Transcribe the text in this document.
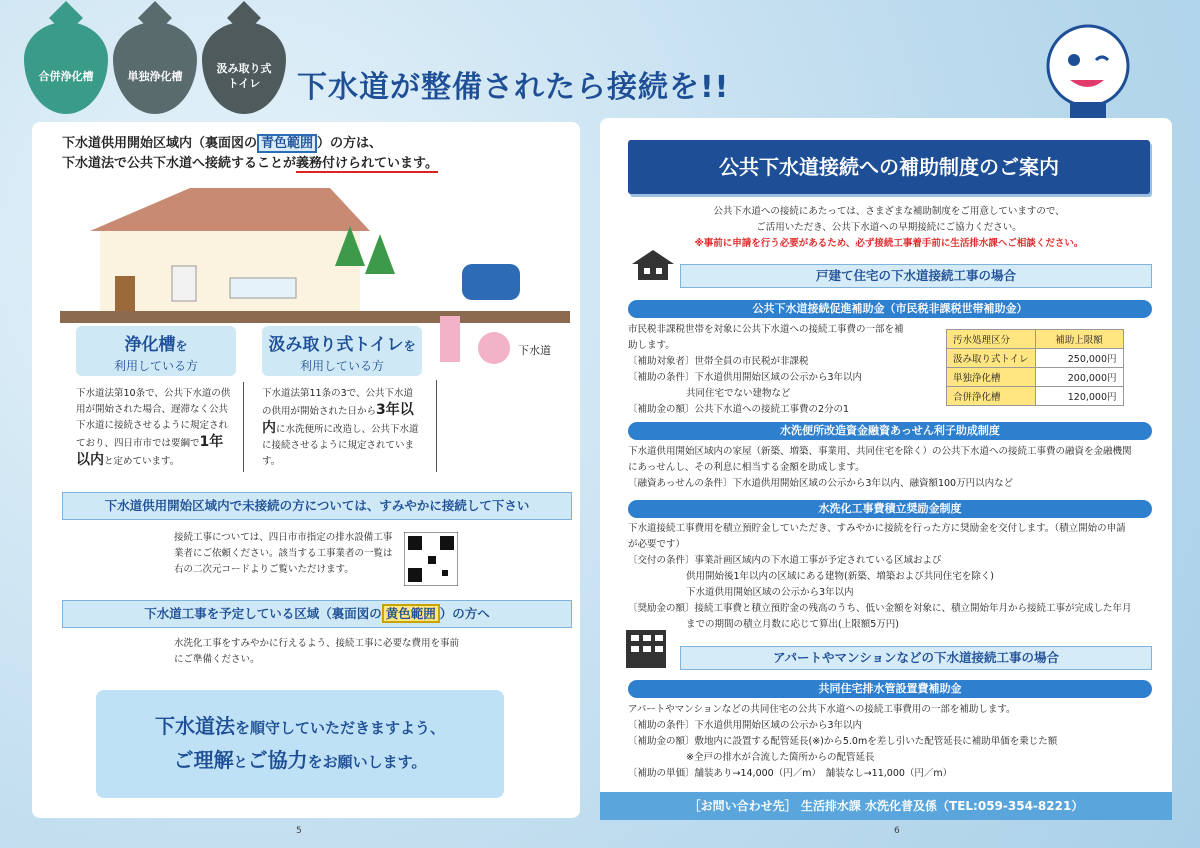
合併浄化槽	単独浄化槽
汲み取り式
トイレ	下水道が整備されたら接続を!!
下水道供用開始区域内（裏面図の 青色範囲 ）の方は、
下水道法で公共下水道へ接続することが義務付けられています。
下水道
浄化槽を
利用している方
汲み取り式トイレを
利用している方
下水道法第10条で、公共下水道の供用が開始された場合、遅滞なく公共下水道に接続させるように規定されており、四日市市では要綱で1年以内と定めています。
下水道法第11条の3で、公共下水道の供用が開始された日から3年以内に水洗便所に改造し、公共下水道に接続させるように規定されています。
下水道供用開始区域内で未接続の方については、すみやかに接続して下さい
接続工事については、四日市市指定の排水設備工事業者にご依頼ください。該当する工事業者の一覧は右の二次元コードよりご覧いただけます。
下水道工事を予定している区域（裏面図の 黄色範囲 ）の方へ
水洗化工事をすみやかに行えるよう、接続工事に必要な費用を事前にご準備ください。
下水道法を順守していただきますよう、
ご理解とご協力をお願いします。
5
公共下水道接続への補助制度のご案内
公共下水道への接続にあたっては、さまざまな補助制度をご用意していますので、
ご活用いただき、公共下水道への早期接続にご協力ください。
※事前に申請を行う必要があるため、必ず接続工事着手前に生活排水課へご相談ください。
戸建て住宅の下水道接続工事の場合
公共下水道接続促進補助金（市民税非課税世帯補助金）
市民税非課税世帯を対象に公共下水道への接続工事費の一部を補
助します。
〔補助対象者〕世帯全員の市民税が非課税
〔補助の条件〕下水道供用開始区域の公示から3年以内
共同住宅でない建物など
〔補助金の額〕公共下水道への接続工事費の2分の1
汚水処理区分	補助上限額
汲み取り式トイレ	250,000円
単独浄化槽	200,000円
合併浄化槽	120,000円
水洗便所改造資金融資あっせん利子助成制度
下水道供用開始区域内の家屋（新築、増築、事業用、共同住宅を除く）の公共下水道への接続工事費の融資を金融機関
にあっせんし、その利息に相当する金額を助成します。
〔融資あっせんの条件〕下水道供用開始区域の公示から3年以内、融資額100万円以内など
水洗化工事費積立奨励金制度
下水道接続工事費用を積立預貯金していただき、すみやかに接続を行った方に奨励金を交付します。（積立開始の申請
が必要です）
〔交付の条件〕事業計画区域内の下水道工事が予定されている区域および
供用開始後1年以内の区域にある建物(新築、増築および共同住宅を除く)
下水道供用開始区域の公示から3年以内
〔奨励金の額〕接続工事費と積立預貯金の残高のうち、低い金額を対象に、積立開始年月から接続工事が完成した年月
までの期間の積立月数に応じて算出(上限額5万円)
アパートやマンションなどの下水道接続工事の場合
共同住宅排水管設置費補助金
アパートやマンションなどの共同住宅の公共下水道への接続工事費用の一部を補助します。
〔補助の条件〕下水道供用開始区域の公示から3年以内
〔補助金の額〕敷地内に設置する配管延長(※)から5.0mを差し引いた配管延長に補助単価を乗じた額
※全戸の排水が合流した箇所からの配管延長
〔補助の単価〕舗装あり→14,000（円／m）　舗装なし→11,000（円／m）
［お問い合わせ先］ 生活排水課 水洗化普及係（TEL:059-354-8221）
6
